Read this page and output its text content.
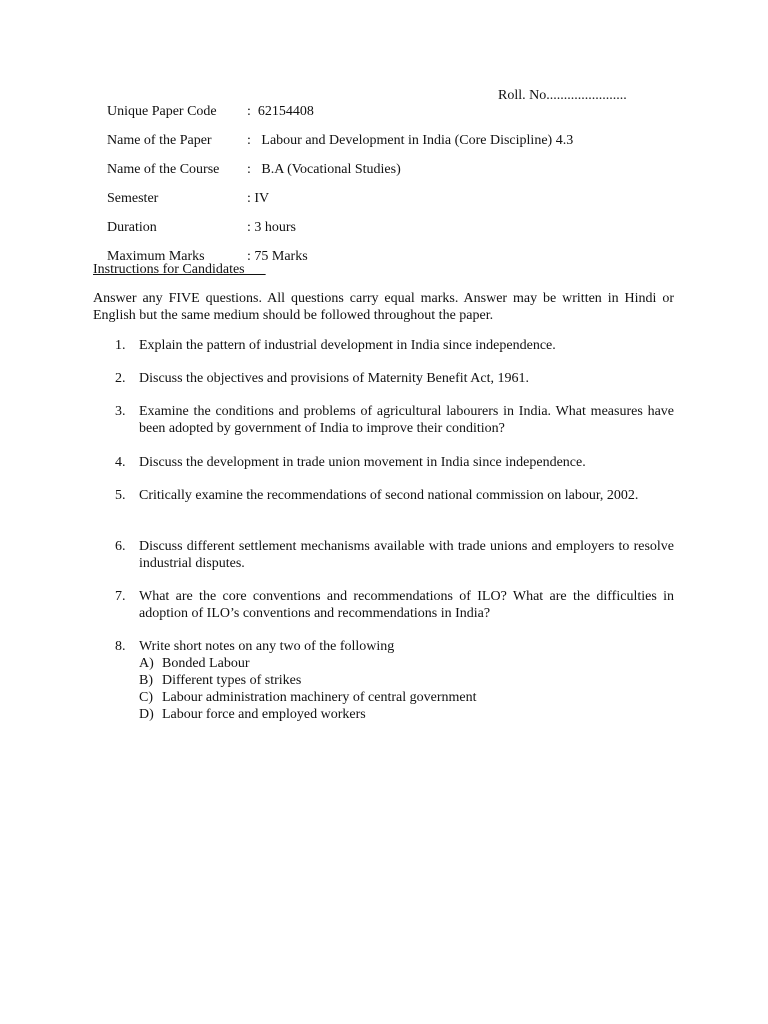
Unique Paper Code :  62154408

Roll. No.......................

Name of the Paper	:   Labour and Development in India (Core Discipline) 4.3

Name of the Course :   B.A (Vocational Studies)

Semester	: IV

Duration	: 3 hours

Maximum Marks	: 75 Marks

Instructions for Candidates
Answer any FIVE questions. All questions carry equal marks. Answer may be written in Hindi or English but the same medium should be followed throughout the paper.
1. Explain the pattern of industrial development in India since independence.
2. Discuss the objectives and provisions of Maternity Benefit Act, 1961.
3. Examine the conditions and problems of agricultural labourers in India. What measures have been adopted by government of India to improve their condition?
4. Discuss the development in trade union movement in India since independence.
5. Critically examine the recommendations of second national commission on labour, 2002.
6. Discuss different settlement mechanisms available with trade unions and employers to resolve industrial disputes.
7. What are the core conventions and recommendations of ILO? What are the difficulties in adoption of ILO’s conventions and recommendations in India?
8. Write short notes on any two of the following
A) Bonded Labour
B) Different types of strikes
C) Labour administration machinery of central government
D) Labour force and employed workers
